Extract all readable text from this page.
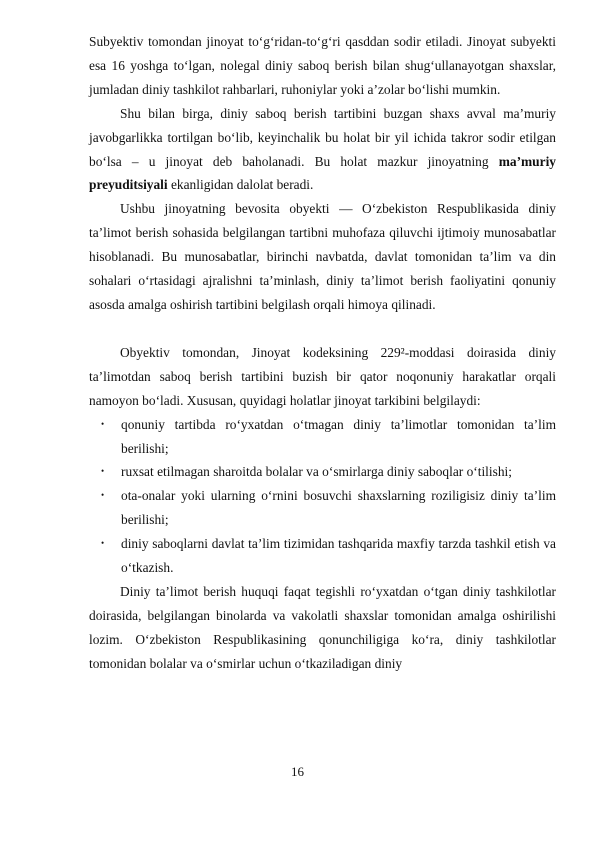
Subyektiv tomondan jinoyat to‘g‘ridan-to‘g‘ri qasddan sodir etiladi. Jinoyat subyekti esa 16 yoshga to‘lgan, nolegal diniy saboq berish bilan shug‘ullanayotgan shaxslar, jumladan diniy tashkilot rahbarlari, ruhoniylar yoki a’zolar bo‘lishi mumkin.

Shu bilan birga, diniy saboq berish tartibini buzgan shaxs avval ma’muriy javobgarlikka tortilgan bo‘lib, keyinchalik bu holat bir yil ichida takror sodir etilgan bo‘lsa – u jinoyat deb baholanadi. Bu holat mazkur jinoyatning ma’muriy preyuditsiyali ekanligidan dalolat beradi.

Ushbu jinoyatning bevosita obyekti — O‘zbekiston Respublikasida diniy ta’limot berish sohasida belgilangan tartibni muhofaza qiluvchi ijtimoiy munosabatlar hisoblanadi. Bu munosabatlar, birinchi navbatda, davlat tomonidan ta’lim va din sohalari o‘rtasidagi ajralishni ta’minlash, diniy ta’limot berish faoliyatini qonuniy asosda amalga oshirish tartibini belgilash orqali himoya qilinadi.

Obyektiv tomondan, Jinoyat kodeksining 229²-moddasi doirasida diniy ta’limotdan saboq berish tartibini buzish bir qator noqonuniy harakatlar orqali namoyon bo‘ladi. Xususan, quyidagi holatlar jinoyat tarkibini belgilaydi:

• qonuniy tartibda ro‘yxatdan o‘tmagan diniy ta’limotlar tomonidan ta’lim berilishi;
• ruxsat etilmagan sharoitda bolalar va o‘smirlarga diniy saboqlar o‘tilishi;
• ota-onalar yoki ularning o‘rnini bosuvchi shaxslarning roziligisiz diniy ta’lim berilishi;
• diniy saboqlarni davlat ta’lim tizimidan tashqarida maxfiy tarzda tashkil etish va o‘tkazish.

Diniy ta’limot berish huquqi faqat tegishli ro‘yxatdan o‘tgan diniy tashkilotlar doirasida, belgilangan binolarda va vakolatli shaxslar tomonidan amalga oshirilishi lozim. O‘zbekiston Respublikasining qonunchiligiga ko‘ra, diniy tashkilotlar tomonidan bolalar va o‘smirlar uchun o‘tkaziladigan diniy

16
